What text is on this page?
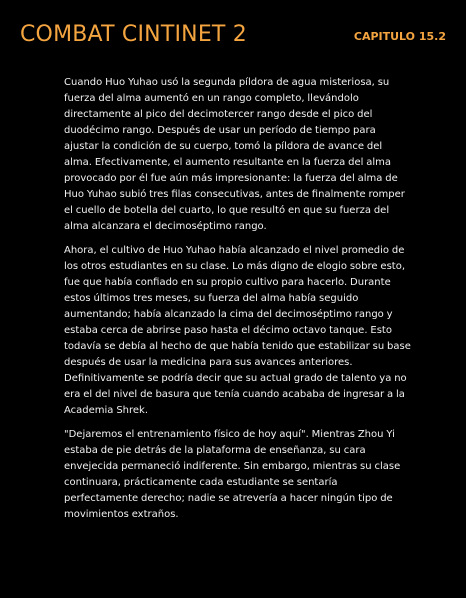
COMBAT CINTINET 2	CAPITULO 15.2

Cuando Huo Yuhao usó la segunda píldora de agua misteriosa, su fuerza del alma aumentó en un rango completo, llevándolo directamente al pico del decimotercer rango desde el pico del duodécimo rango. Después de usar un período de tiempo para ajustar la condición de su cuerpo, tomó la píldora de avance del alma. Efectivamente, el aumento resultante en la fuerza del alma provocado por él fue aún más impresionante: la fuerza del alma de Huo Yuhao subió tres filas consecutivas, antes de finalmente romper el cuello de botella del cuarto, lo que resultó en que su fuerza del alma alcanzara el decimoséptimo rango.

Ahora, el cultivo de Huo Yuhao había alcanzado el nivel promedio de los otros estudiantes en su clase. Lo más digno de elogio sobre esto, fue que había confiado en su propio cultivo para hacerlo. Durante estos últimos tres meses, su fuerza del alma había seguido aumentando; había alcanzado la cima del decimoséptimo rango y estaba cerca de abrirse paso hasta el décimo octavo tanque. Esto todavía se debía al hecho de que había tenido que estabilizar su base después de usar la medicina para sus avances anteriores. Definitivamente se podría decir que su actual grado de talento ya no era el del nivel de basura que tenía cuando acababa de ingresar a la Academia Shrek.

"Dejaremos el entrenamiento físico de hoy aquí". Mientras Zhou Yi estaba de pie detrás de la plataforma de enseñanza, su cara envejecida permaneció indiferente. Sin embargo, mientras su clase continuara, prácticamente cada estudiante se sentaría perfectamente derecho; nadie se atrevería a hacer ningún tipo de movimientos extraños.
